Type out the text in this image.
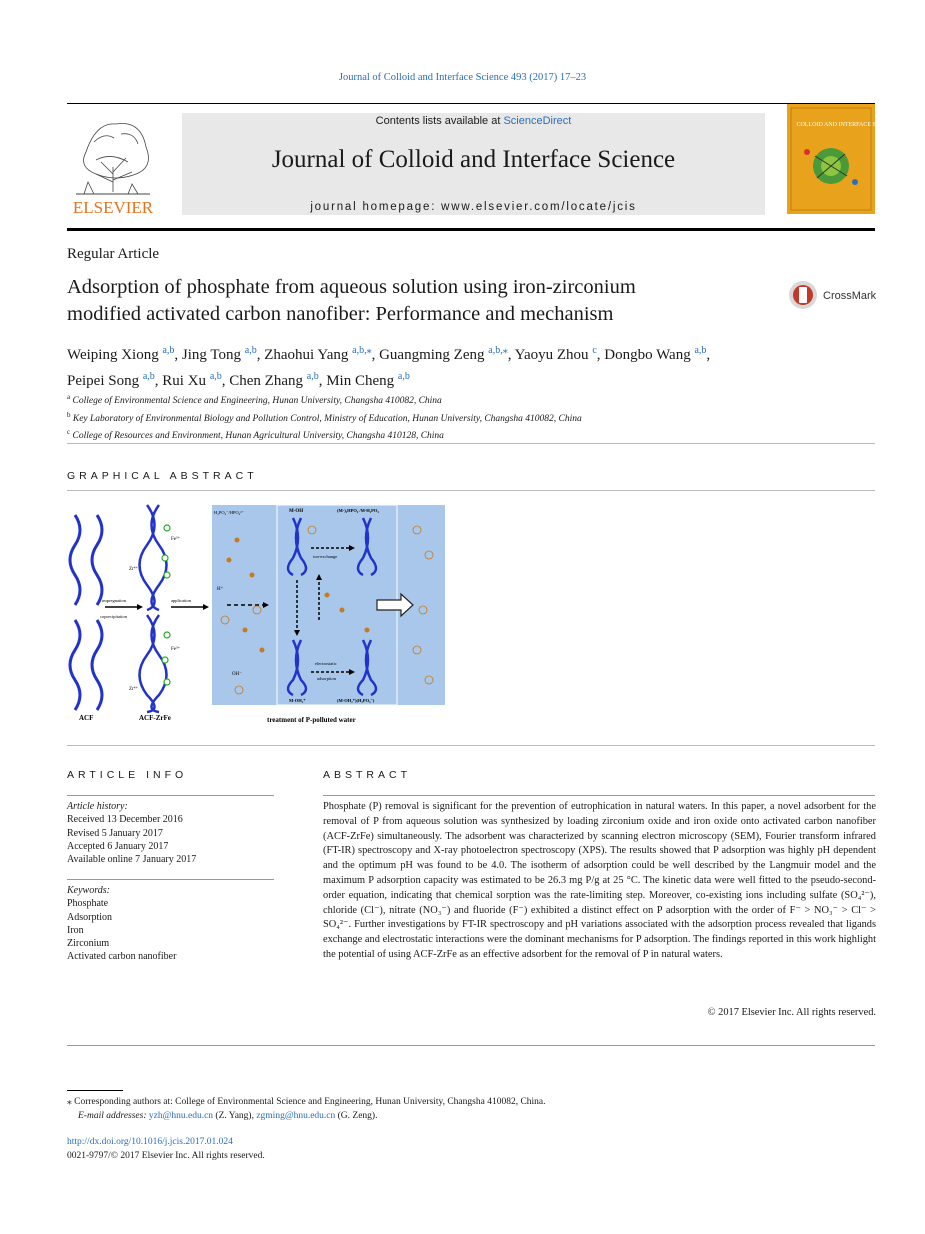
Journal of Colloid and Interface Science 493 (2017) 17–23
ELSEVIER
Contents lists available at ScienceDirect
Journal of Colloid and Interface Science
journal homepage: www.elsevier.com/locate/jcis
COLLOID AND INTERFACE SCIENCE
Regular Article
Adsorption of phosphate from aqueous solution using iron-zirconium
modified activated carbon nanofiber: Performance and mechanism
CrossMark
Weiping Xiong $^{a,b}$, Jing Tong $^{a,b}$, Zhaohui Yang $^{a,b,⁎}$, Guangming Zeng $^{a,b,⁎}$, Yaoyu Zhou $^c$, Dongbo Wang $^{a,b}$,
Peipei Song $^{a,b}$, Rui Xu $^{a,b}$, Chen Zhang $^{a,b}$, Min Cheng $^{a,b}$
$^a$ College of Environmental Science and Engineering, Hunan University, Changsha 410082, China
$^b$ Key Laboratory of Environmental Biology and Pollution Control, Ministry of Education, Hunan University, Changsha 410082, China
$^c$ College of Resources and Environment, Hunan Agricultural University, Changsha 410128, China
GRAPHICAL ABSTRACT
ACF
Fe³⁺
Zr⁴⁺
Fe³⁺
Zr⁴⁺
ACF-ZrFe
impregnation
coprecipitation
application
H₂PO₄⁻/HPO₄²⁻	M-OH	(M-)₂HPO₄ /M-H₂PO₄
ion-exchange
electrostatic
adsorption
H⁺
OH⁻
M-OH₂⁺	(M-OH₂⁺)(H₂PO₄⁻)
treatment of P-polluted water
ARTICLE INFO
Article history:
Received 13 December 2016
Revised 5 January 2017
Accepted 6 January 2017
Available online 7 January 2017
Keywords:
Phosphate
Adsorption
Iron
Zirconium
Activated carbon nanofiber
ABSTRACT
Phosphate (P) removal is significant for the prevention of eutrophication in natural waters. In this paper, a novel adsorbent for the removal of P from aqueous solution was synthesized by loading zirconium oxide and iron oxide onto activated carbon nanofiber (ACF-ZrFe) simultaneously. The adsorbent was characterized by scanning electron microscopy (SEM), Fourier transform infrared (FT-IR) spectroscopy and X-ray photoelectron spectroscopy (XPS). The results showed that P adsorption was highly pH dependent and the optimum pH was found to be 4.0. The isotherm of adsorption could be well described by the Langmuir model and the maximum P adsorption capacity was estimated to be 26.3 mg P/g at 25 °C. The kinetic data were well fitted to the pseudo-second-order equation, indicating that chemical sorption was the rate-limiting step. Moreover, co-existing ions including sulfate (SO₄²⁻), chloride (Cl⁻), nitrate (NO₃⁻) and fluoride (F⁻) exhibited a distinct effect on P adsorption with the order of F⁻ > NO₃⁻ > Cl⁻ > SO₄²⁻. Further investigations by FT-IR spectroscopy and pH variations associated with the adsorption process revealed that ligands exchange and electrostatic interactions were the dominant mechanisms for P adsorption. The findings reported in this work highlight the potential of using ACF-ZrFe as an effective adsorbent for the removal of P in natural waters.
© 2017 Elsevier Inc. All rights reserved.
⁎ Corresponding authors at: College of Environmental Science and Engineering, Hunan University, Changsha 410082, China.
E-mail addresses: yzh@hnu.edu.cn (Z. Yang), zgming@hnu.edu.cn (G. Zeng).
http://dx.doi.org/10.1016/j.jcis.2017.01.024
0021-9797/© 2017 Elsevier Inc. All rights reserved.
